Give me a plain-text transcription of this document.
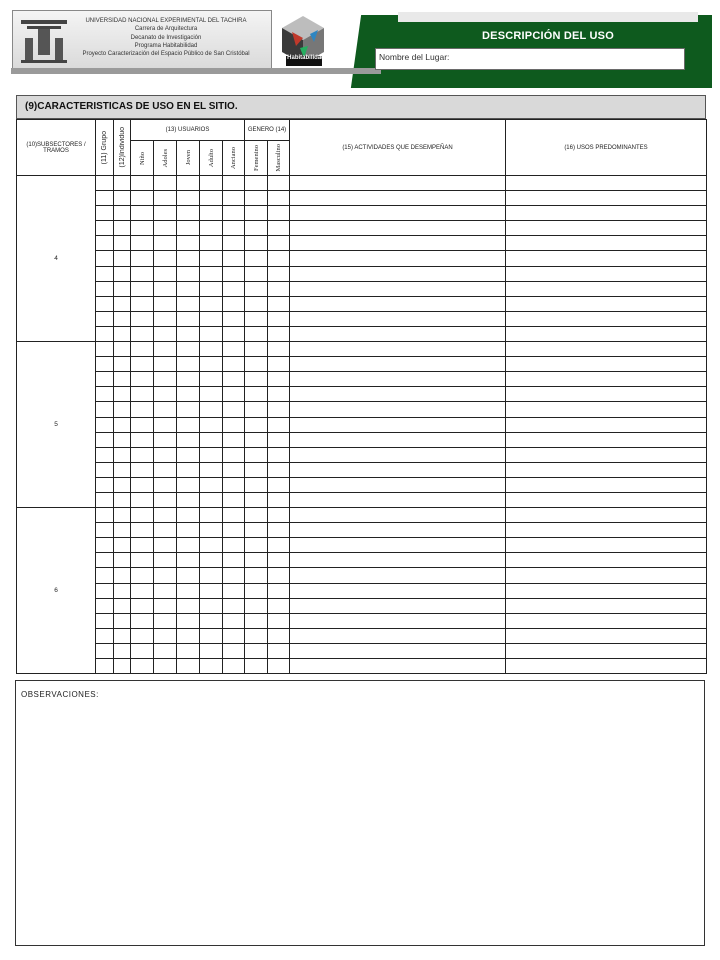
UNIVERSIDAD NACIONAL EXPERIMENTAL DEL TACHIRA
Carrera de Arquitectura
Decanato de Investigación
Programa Habitabilidad
Proyecto Caracterización del Espacio Público de San Cristóbal
Habitabilidad
DESCRIPCIÓN DEL USO
Nombre del Lugar:
(9)CARACTERISTICAS DE USO EN EL SITIO.
(10)SUBSECTORES / TRAMOS	(11) Grupo	(12)Individuo	(13) USUARIOS					GENERO (14)		(15) ACTIVIDADES QUE DESEMPEÑAN	(16) USOS PREDOMINANTES

			Niño	Adoles	Joven	Adulto	Anciano	Femenino	Masculino		

4											

5											

6											

OBSERVACIONES:
